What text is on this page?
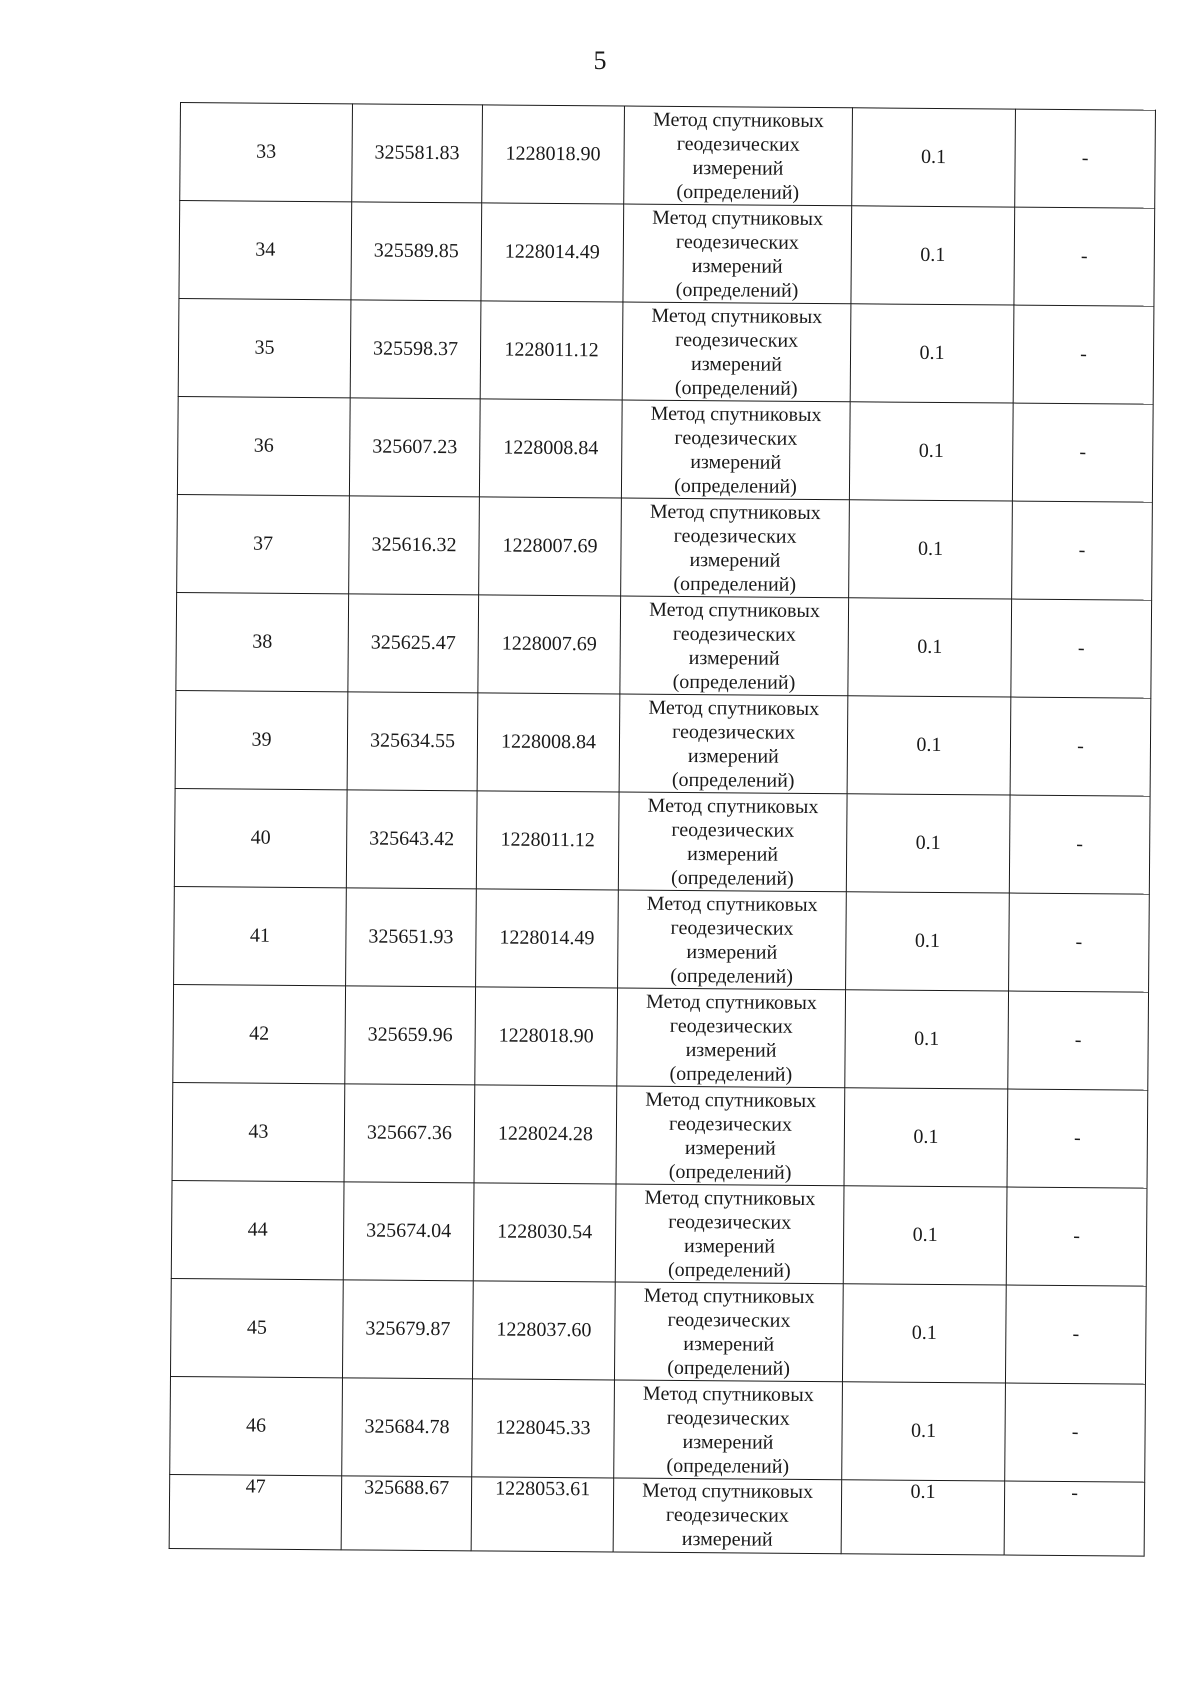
5
33	325581.83	1228018.90	Метод спутниковых
геодезических
измерений
(определений)	0.1	-
34	325589.85	1228014.49	Метод спутниковых
геодезических
измерений
(определений)	0.1	-
35	325598.37	1228011.12	Метод спутниковых
геодезических
измерений
(определений)	0.1	-
36	325607.23	1228008.84	Метод спутниковых
геодезических
измерений
(определений)	0.1	-
37	325616.32	1228007.69	Метод спутниковых
геодезических
измерений
(определений)	0.1	-
38	325625.47	1228007.69	Метод спутниковых
геодезических
измерений
(определений)	0.1	-
39	325634.55	1228008.84	Метод спутниковых
геодезических
измерений
(определений)	0.1	-
40	325643.42	1228011.12	Метод спутниковых
геодезических
измерений
(определений)	0.1	-
41	325651.93	1228014.49	Метод спутниковых
геодезических
измерений
(определений)	0.1	-
42	325659.96	1228018.90	Метод спутниковых
геодезических
измерений
(определений)	0.1	-
43	325667.36	1228024.28	Метод спутниковых
геодезических
измерений
(определений)	0.1	-
44	325674.04	1228030.54	Метод спутниковых
геодезических
измерений
(определений)	0.1	-
45	325679.87	1228037.60	Метод спутниковых
геодезических
измерений
(определений)	0.1	-
46	325684.78	1228045.33	Метод спутниковых
геодезических
измерений
(определений)	0.1	-
47	325688.67	1228053.61	Метод спутниковых
геодезических
измерений	0.1	-
